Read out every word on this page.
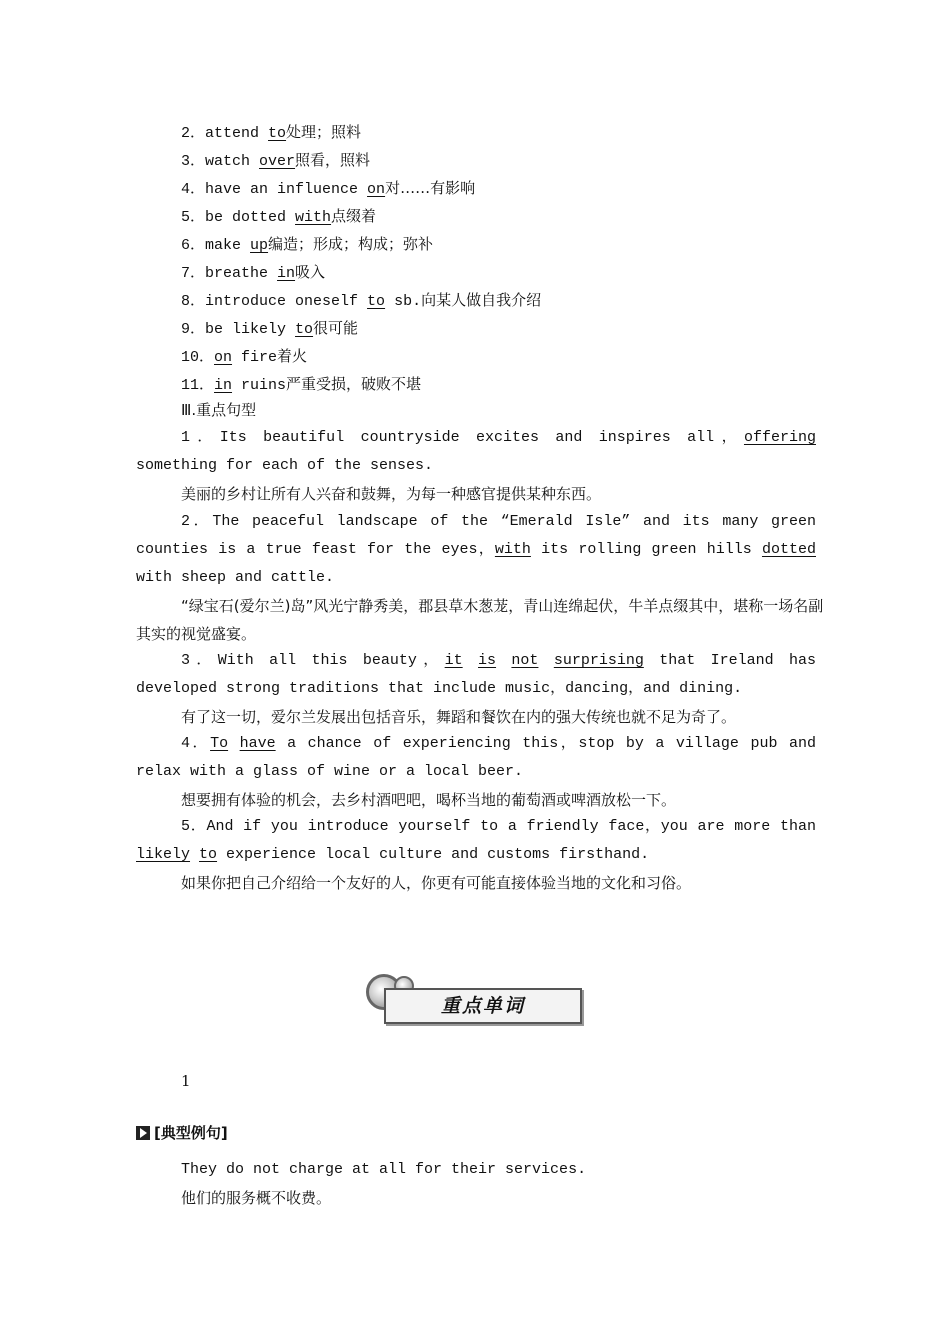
2．attend to处理；照料
3．watch over照看，照料
4．have an influence on对……有影响
5．be dotted with点缀着
6．make up编造；形成；构成；弥补
7．breathe in吸入
8．introduce oneself to sb.向某人做自我介绍
9．be likely to很可能
10．on fire着火
11．in ruins严重受损，破败不堪
Ⅲ.重点句型
1．Its beautiful countryside excites and inspires all，offering something for each of the senses.
美丽的乡村让所有人兴奋和鼓舞，为每一种感官提供某种东西。
2．The peaceful landscape of the “Emerald Isle” and its many green counties is a true feast for the eyes，with its rolling green hills dotted with sheep and cattle.
“绿宝石(爱尔兰)岛”风光宁静秀美，郡县草木葱茏，青山连绵起伏，牛羊点缀其中，堪称一场名副其实的视觉盛宴。
3．With all this beauty，it is not surprising that Ireland has developed strong traditions that include music，dancing，and dining.
有了这一切，爱尔兰发展出包括音乐，舞蹈和餐饮在内的强大传统也就不足为奇了。
4．To have a chance of experiencing this，stop by a village pub and relax with a glass of wine or a local beer.
想要拥有体验的机会，去乡村酒吧吧，喝杯当地的葡萄酒或啤酒放松一下。
5．And if you introduce yourself to a friendly face，you are more than likely to experience local culture and customs firsthand.
如果你把自己介绍给一个友好的人，你更有可能直接体验当地的文化和习俗。
重点单词
1
[典型例句]
They do not charge at all for their services.
他们的服务概不收费。
